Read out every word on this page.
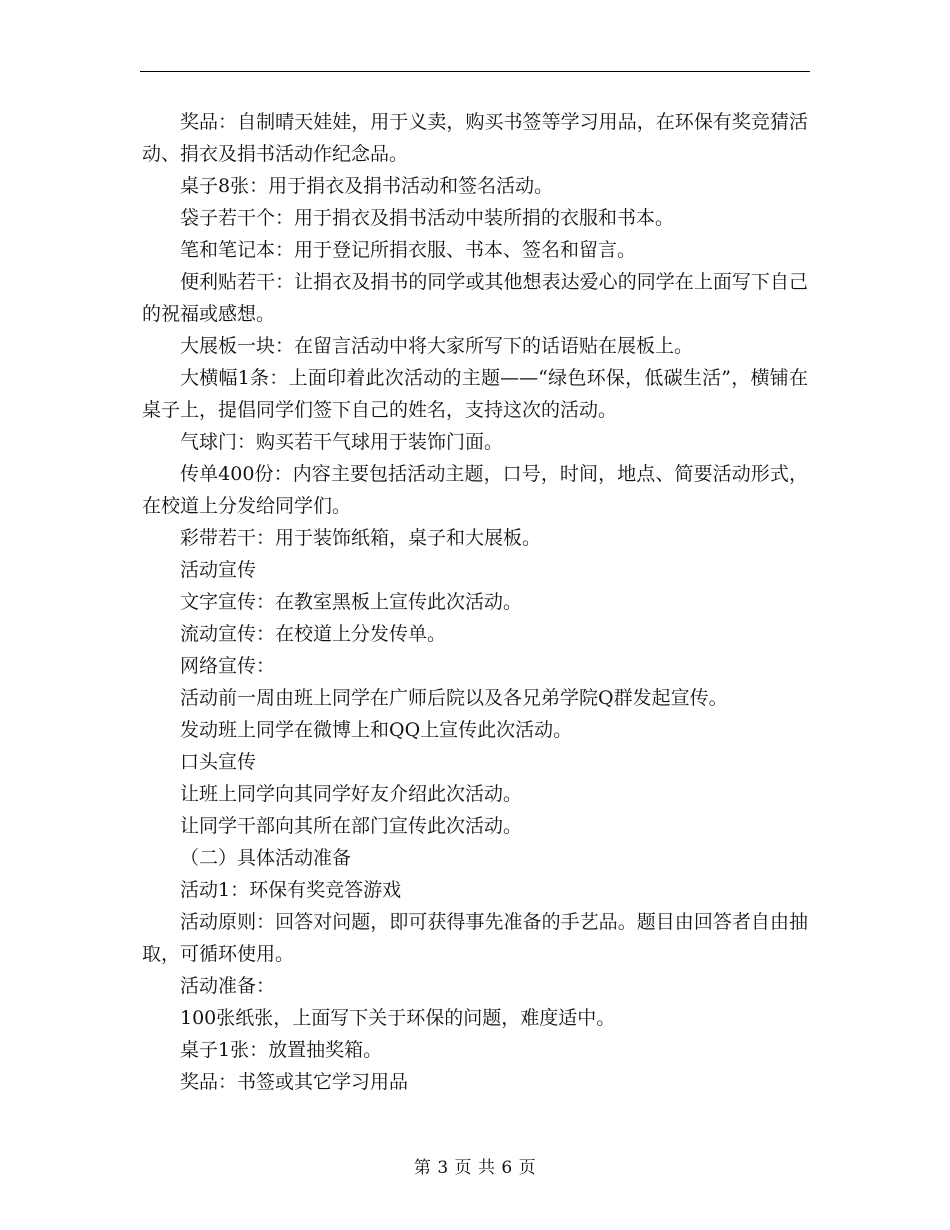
奖品：自制晴天娃娃，用于义卖，购买书签等学习用品，在环保有奖竞猜活动、捐衣及捐书活动作纪念品。

桌子8张：用于捐衣及捐书活动和签名活动。

袋子若干个：用于捐衣及捐书活动中装所捐的衣服和书本。

笔和笔记本：用于登记所捐衣服、书本、签名和留言。

便利贴若干：让捐衣及捐书的同学或其他想表达爱心的同学在上面写下自己的祝福或感想。

大展板一块：在留言活动中将大家所写下的话语贴在展板上。

大横幅1条：上面印着此次活动的主题——“绿色环保，低碳生活”，横铺在桌子上，提倡同学们签下自己的姓名，支持这次的活动。

气球门：购买若干气球用于装饰门面。

传单400份：内容主要包括活动主题，口号，时间，地点、简要活动形式，在校道上分发给同学们。

彩带若干：用于装饰纸箱，桌子和大展板。

活动宣传

文字宣传：在教室黑板上宣传此次活动。

流动宣传：在校道上分发传单。

网络宣传：

活动前一周由班上同学在广师后院以及各兄弟学院Q群发起宣传。

发动班上同学在微博上和QQ上宣传此次活动。

口头宣传

让班上同学向其同学好友介绍此次活动。

让同学干部向其所在部门宣传此次活动。

（二）具体活动准备

活动1：环保有奖竞答游戏

活动原则：回答对问题，即可获得事先准备的手艺品。题目由回答者自由抽取，可循环使用。

活动准备：

100张纸张，上面写下关于环保的问题，难度适中。

桌子1张：放置抽奖箱。

奖品：书签或其它学习用品

第 3 页 共 6 页
